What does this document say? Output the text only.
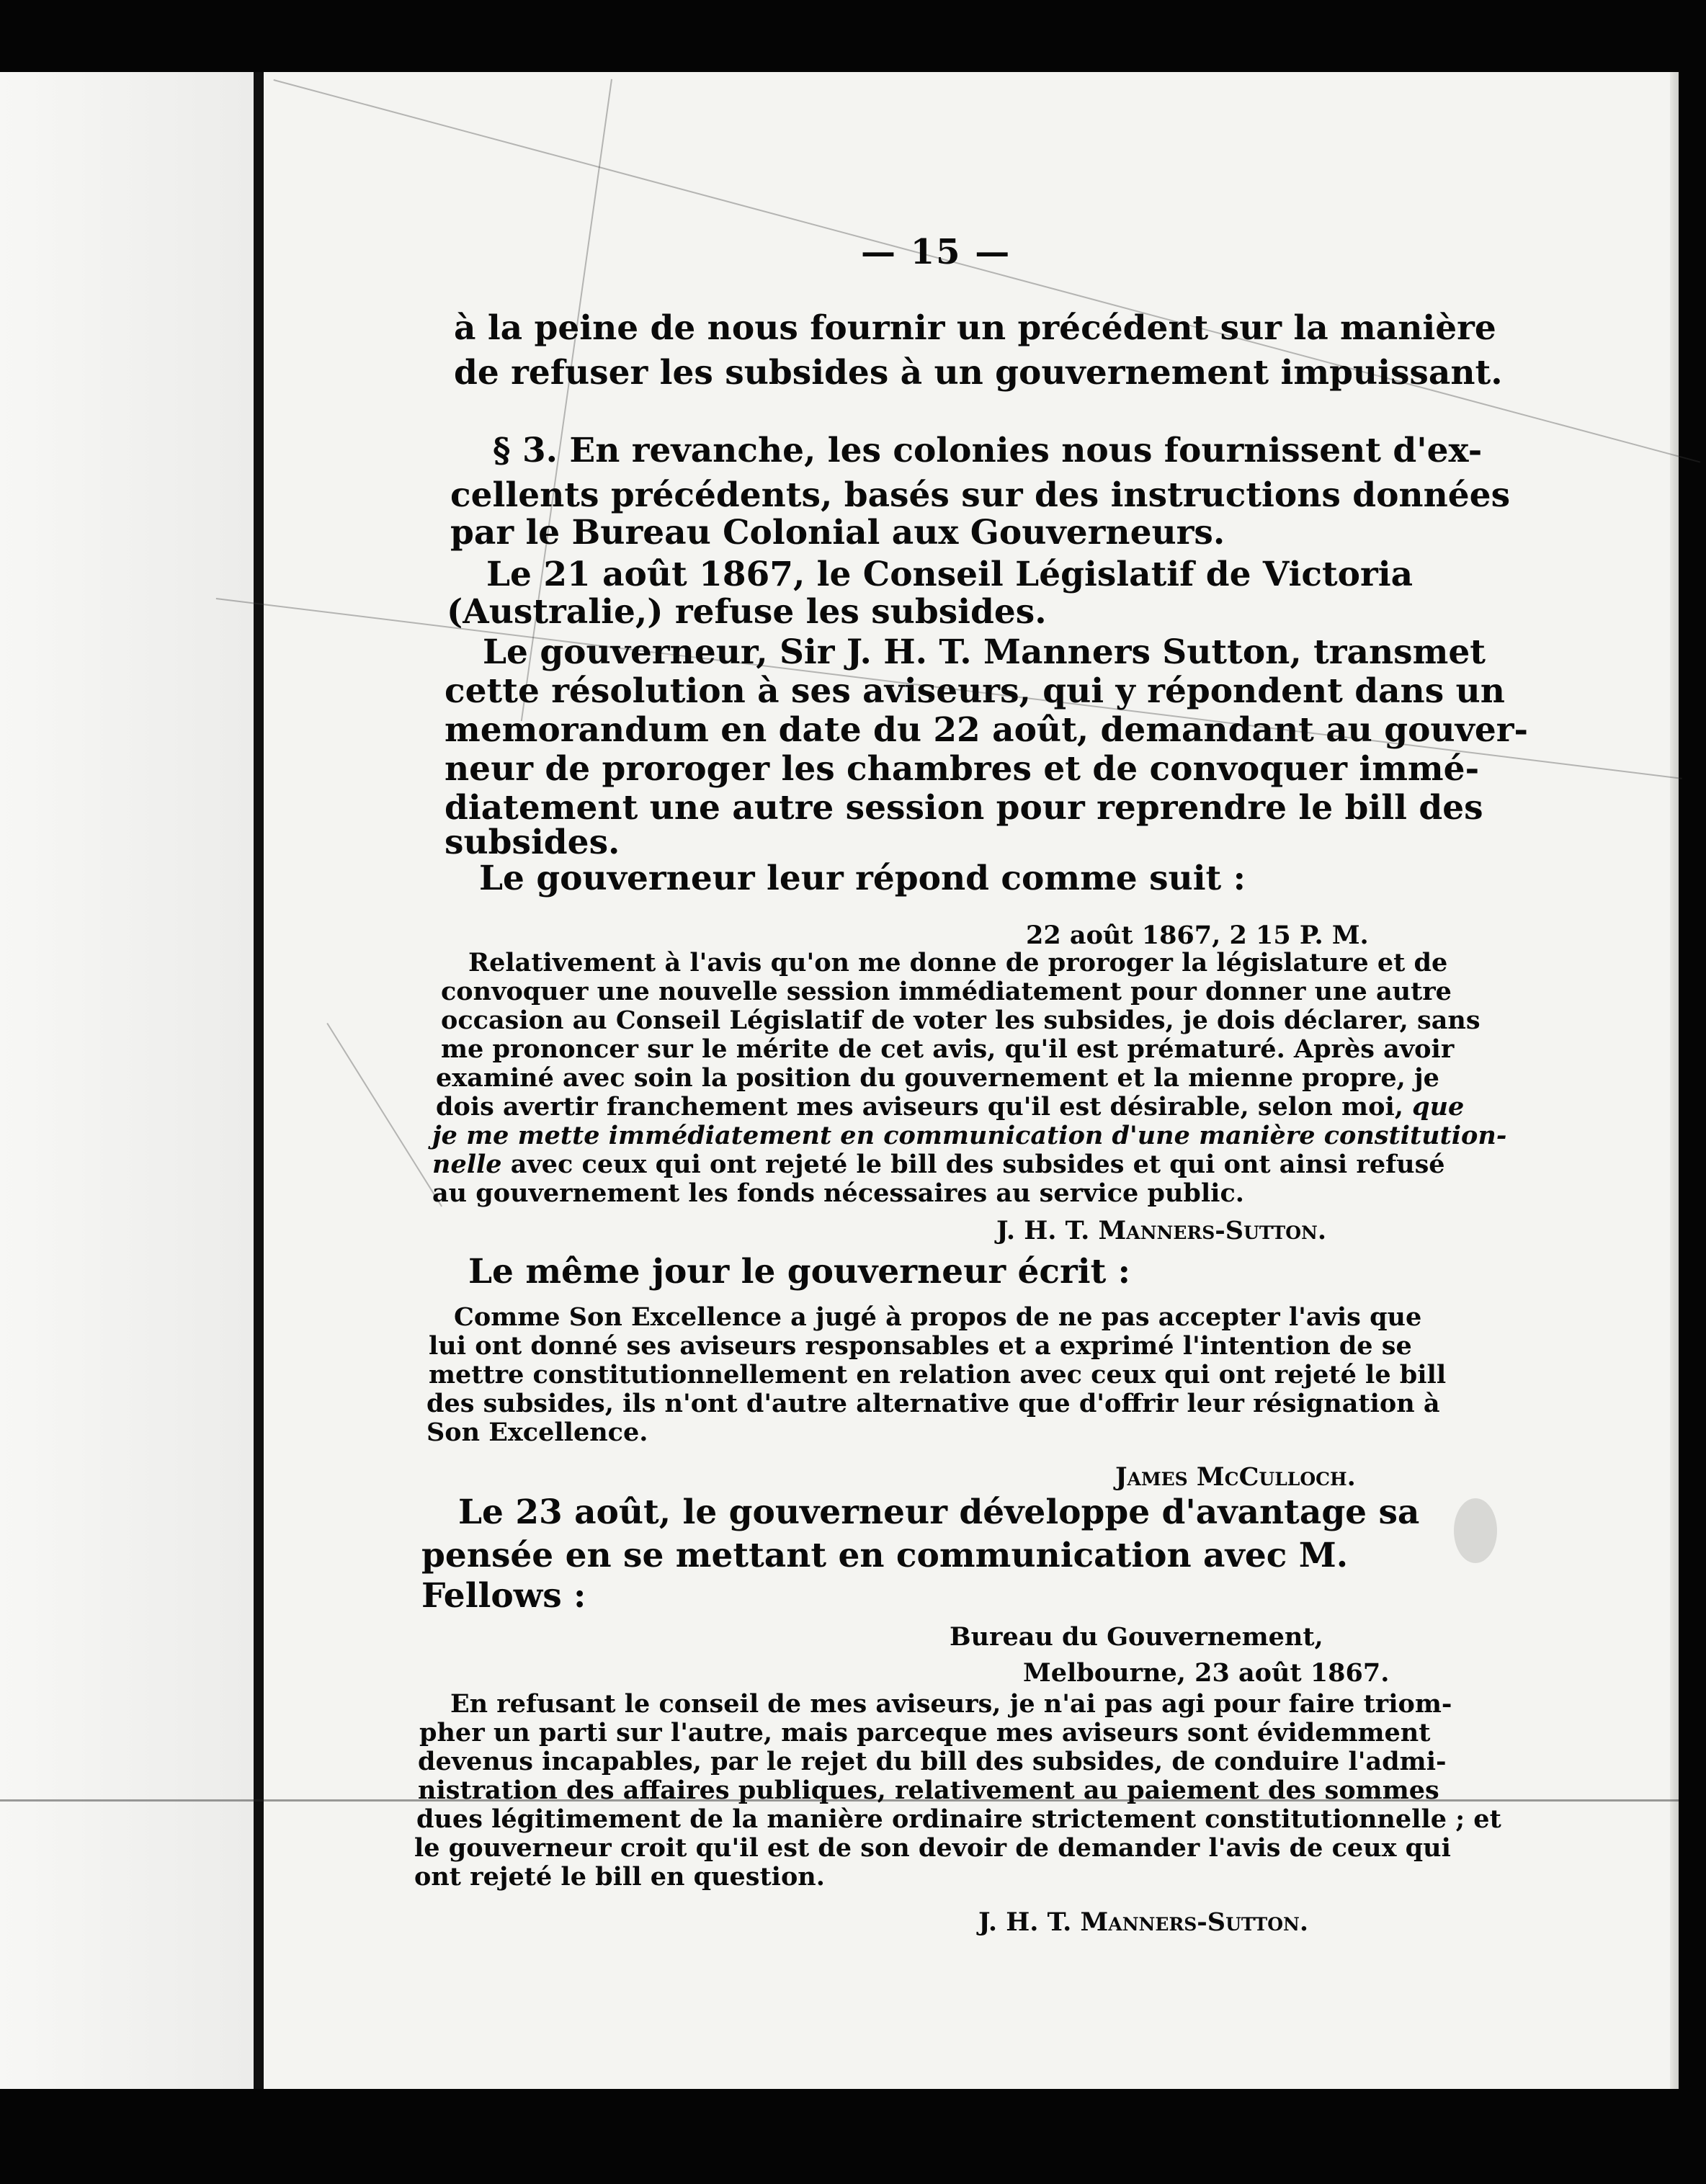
— 15 —
à la peine de nous fournir un précédent sur la manière
de refuser les subsides à un gouvernement impuissant.
§ 3. En revanche, les colonies nous fournissent d'ex-
cellents précédents, basés sur des instructions données
par le Bureau Colonial aux Gouverneurs.
Le 21 août 1867, le Conseil Législatif de Victoria
(Australie,) refuse les subsides.
Le gouverneur, Sir J. H. T. Manners Sutton, transmet
cette résolution à ses aviseurs, qui y répondent dans un
memorandum en date du 22 août, demandant au gouver-
neur de proroger les chambres et de convoquer immé-
diatement une autre session pour reprendre le bill des
subsides.
Le gouverneur leur répond comme suit :
22 août 1867, 2 15 P. M.
Relativement à l'avis qu'on me donne de proroger la législature et de
convoquer une nouvelle session immédiatement pour donner une autre
occasion au Conseil Législatif de voter les subsides, je dois déclarer, sans
me prononcer sur le mérite de cet avis, qu'il est prématuré. Après avoir
examiné avec soin la position du gouvernement et la mienne propre, je
dois avertir franchement mes aviseurs qu'il est désirable, selon moi, que
je me mette immédiatement en communication d'une manière constitution-
nelle avec ceux qui ont rejeté le bill des subsides et qui ont ainsi refusé
au gouvernement les fonds nécessaires au service public.
J. H. T. Manners-Sutton.
Le même jour le gouverneur écrit :
Comme Son Excellence a jugé à propos de ne pas accepter l'avis que
lui ont donné ses aviseurs responsables et a exprimé l'intention de se
mettre constitutionnellement en relation avec ceux qui ont rejeté le bill
des subsides, ils n'ont d'autre alternative que d'offrir leur résignation à
Son Excellence.
James McCulloch.
Le 23 août, le gouverneur développe d'avantage sa
pensée en se mettant en communication avec M.
Fellows :
Bureau du Gouvernement,
Melbourne, 23 août 1867.
En refusant le conseil de mes aviseurs, je n'ai pas agi pour faire triom-
pher un parti sur l'autre, mais parceque mes aviseurs sont évidemment
devenus incapables, par le rejet du bill des subsides, de conduire l'admi-
nistration des affaires publiques, relativement au paiement des sommes
dues légitimement de la manière ordinaire strictement constitutionnelle ; et
le gouverneur croit qu'il est de son devoir de demander l'avis de ceux qui
ont rejeté le bill en question.
J. H. T. Manners-Sutton.
